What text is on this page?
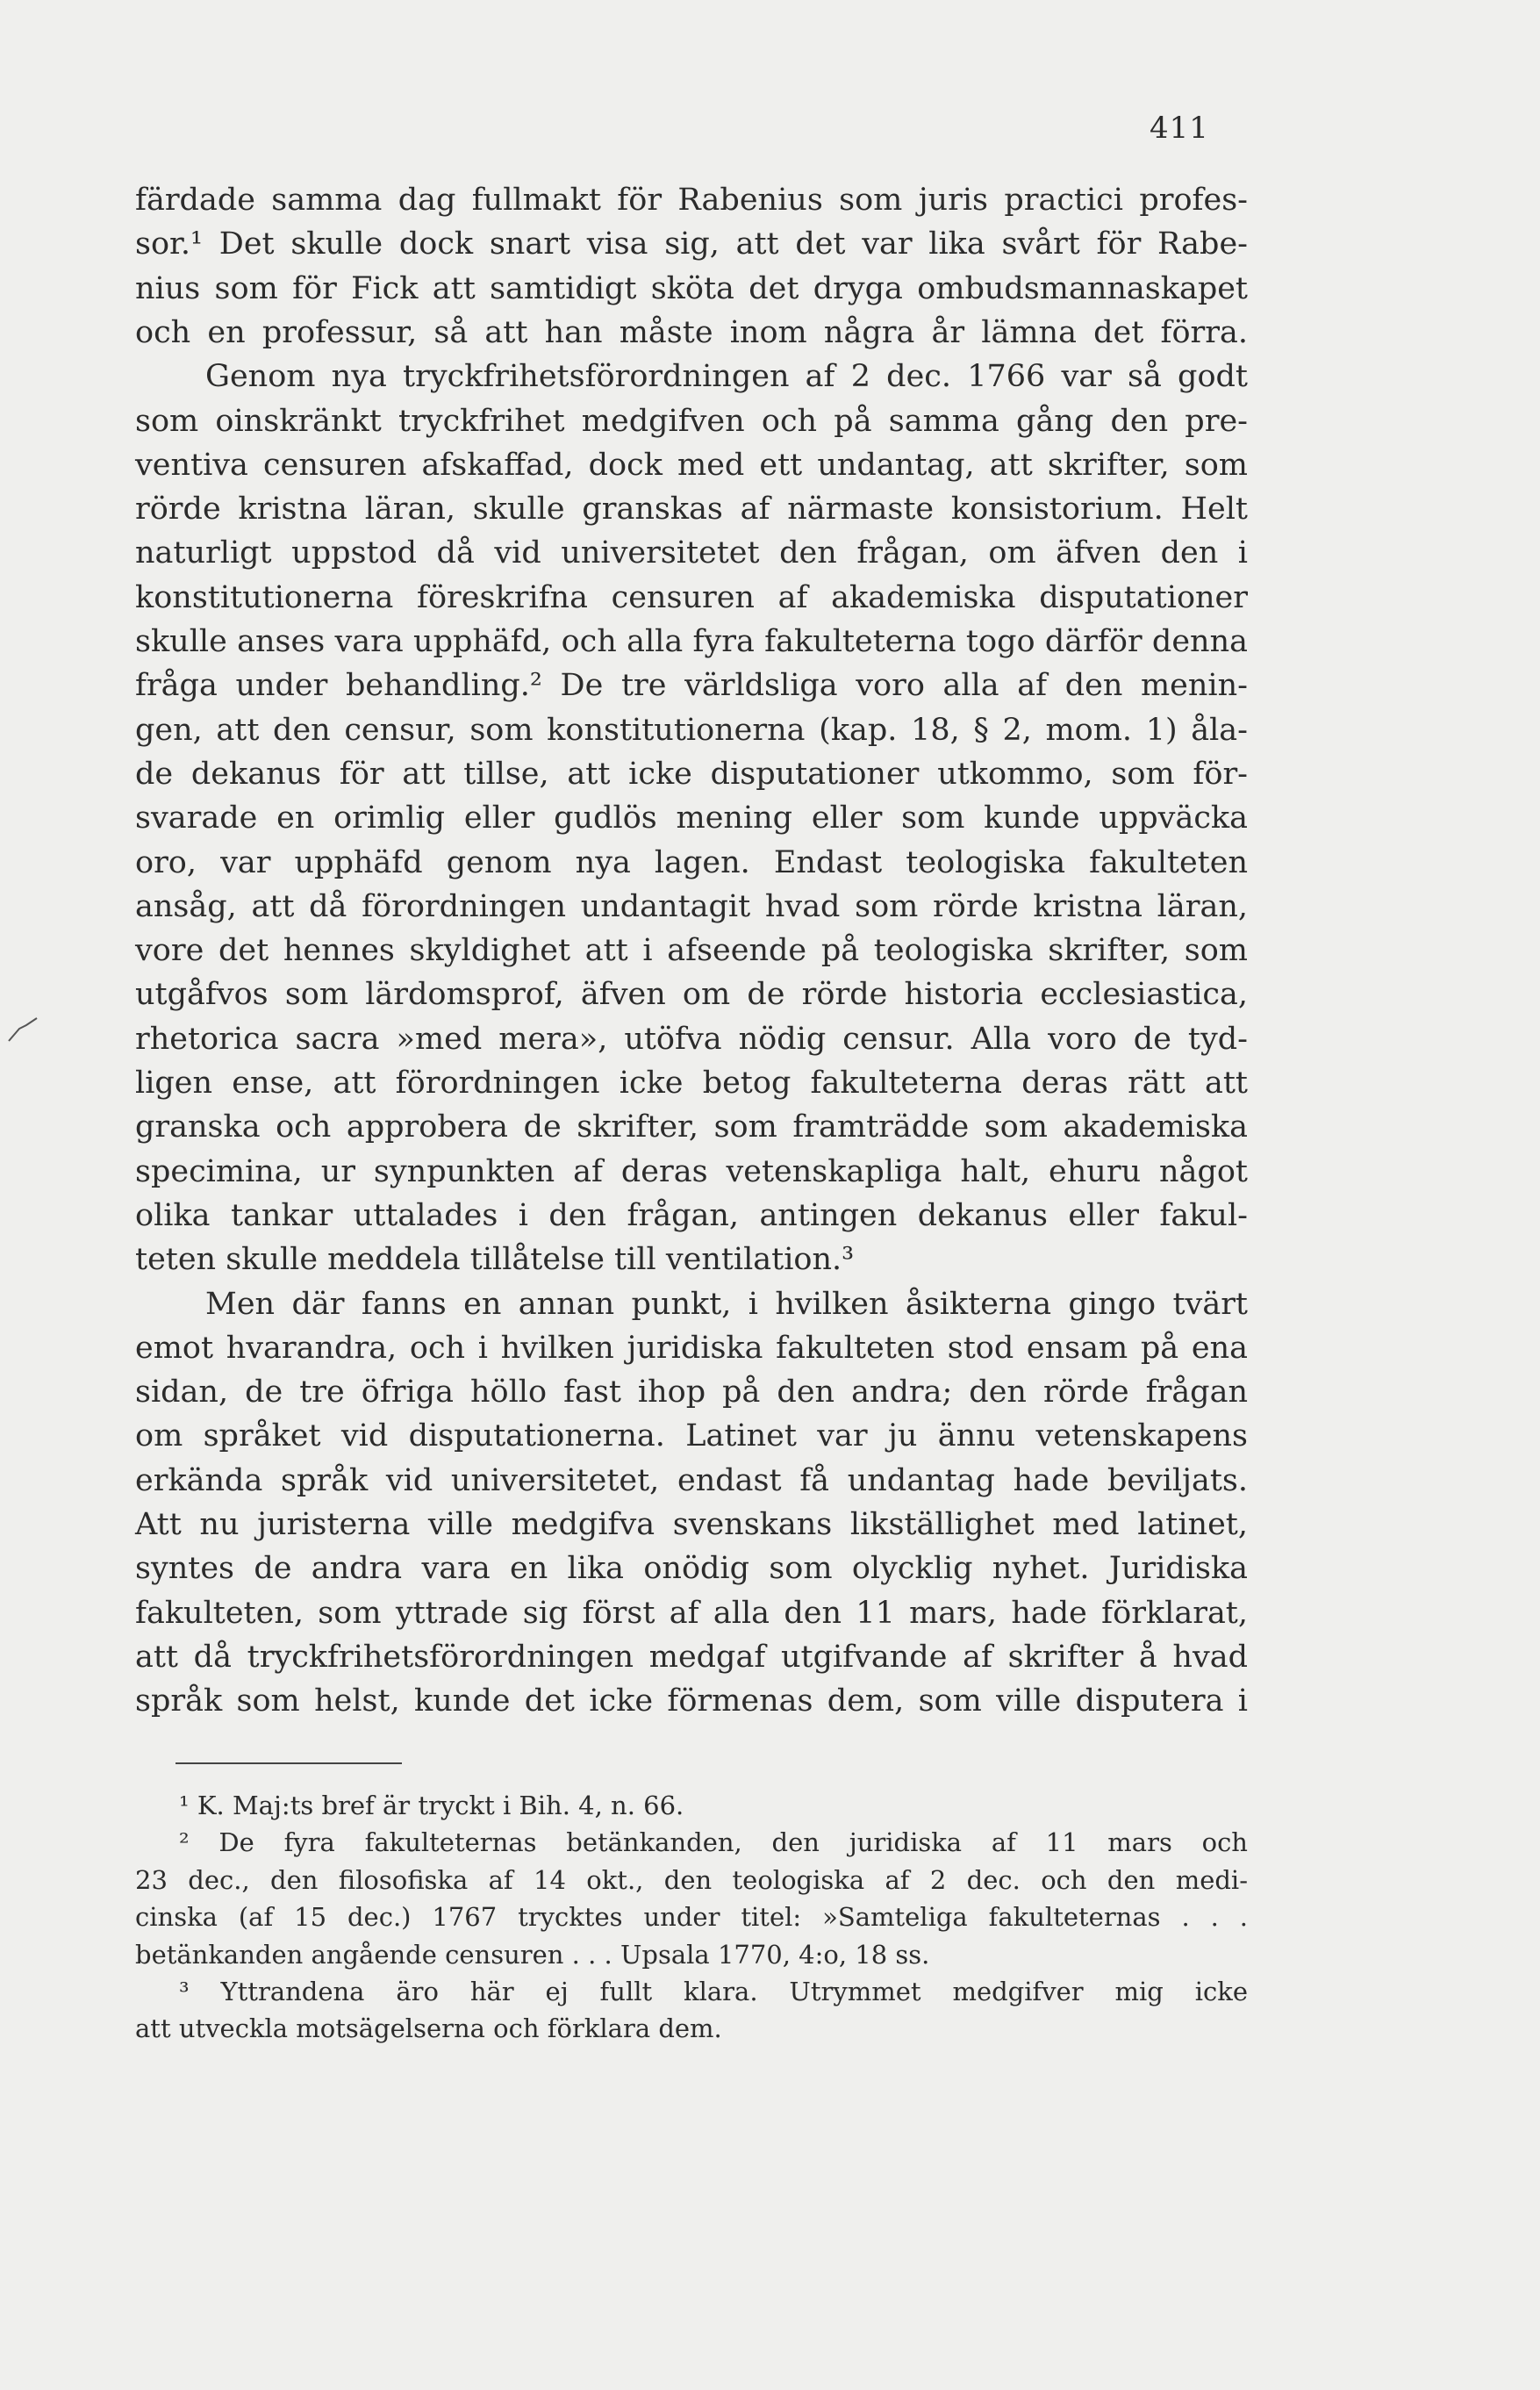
411
färdade samma dag fullmakt för Rabenius som juris practici profes-
sor.¹ Det skulle dock snart visa sig, att det var lika svårt för Rabe-
nius som för Fick att samtidigt sköta det dryga ombudsmannaskapet
och en professur, så att han måste inom några år lämna det förra.
Genom nya tryckfrihetsförordningen af 2 dec. 1766 var så godt
som oinskränkt tryckfrihet medgifven och på samma gång den pre-
ventiva censuren afskaffad, dock med ett undantag, att skrifter, som
rörde kristna läran, skulle granskas af närmaste konsistorium. Helt
naturligt uppstod då vid universitetet den frågan, om äfven den i
konstitutionerna föreskrifna censuren af akademiska disputationer
skulle anses vara upphäfd, och alla fyra fakulteterna togo därför denna
fråga under behandling.² De tre världsliga voro alla af den menin-
gen, att den censur, som konstitutionerna (kap. 18, § 2, mom. 1) åla-
de dekanus för att tillse, att icke disputationer utkommo, som för-
svarade en orimlig eller gudlös mening eller som kunde uppväcka
oro, var upphäfd genom nya lagen. Endast teologiska fakulteten
ansåg, att då förordningen undantagit hvad som rörde kristna läran,
vore det hennes skyldighet att i afseende på teologiska skrifter, som
utgåfvos som lärdomsprof, äfven om de rörde historia ecclesiastica,
rhetorica sacra »med mera», utöfva nödig censur. Alla voro de tyd-
ligen ense, att förordningen icke betog fakulteterna deras rätt att
granska och approbera de skrifter, som framträdde som akademiska
specimina, ur synpunkten af deras vetenskapliga halt, ehuru något
olika tankar uttalades i den frågan, antingen dekanus eller fakul-
teten skulle meddela tillåtelse till ventilation.³
Men där fanns en annan punkt, i hvilken åsikterna gingo tvärt
emot hvarandra, och i hvilken juridiska fakulteten stod ensam på ena
sidan, de tre öfriga höllo fast ihop på den andra; den rörde frågan
om språket vid disputationerna. Latinet var ju ännu vetenskapens
erkända språk vid universitetet, endast få undantag hade beviljats.
Att nu juristerna ville medgifva svenskans likställighet med latinet,
syntes de andra vara en lika onödig som olycklig nyhet. Juridiska
fakulteten, som yttrade sig först af alla den 11 mars, hade förklarat,
att då tryckfrihetsförordningen medgaf utgifvande af skrifter å hvad
språk som helst, kunde det icke förmenas dem, som ville disputera i
¹ K. Maj:ts bref är tryckt i Bih. 4, n. 66.
² De fyra fakulteternas betänkanden, den juridiska af 11 mars och
23 dec., den filosofiska af 14 okt., den teologiska af 2 dec. och den medi-
cinska (af 15 dec.) 1767 trycktes under titel: »Samteliga fakulteternas . . .
betänkanden angående censuren . . . Upsala 1770, 4:o, 18 ss.
³ Yttrandena äro här ej fullt klara. Utrymmet medgifver mig icke
att utveckla motsägelserna och förklara dem.
